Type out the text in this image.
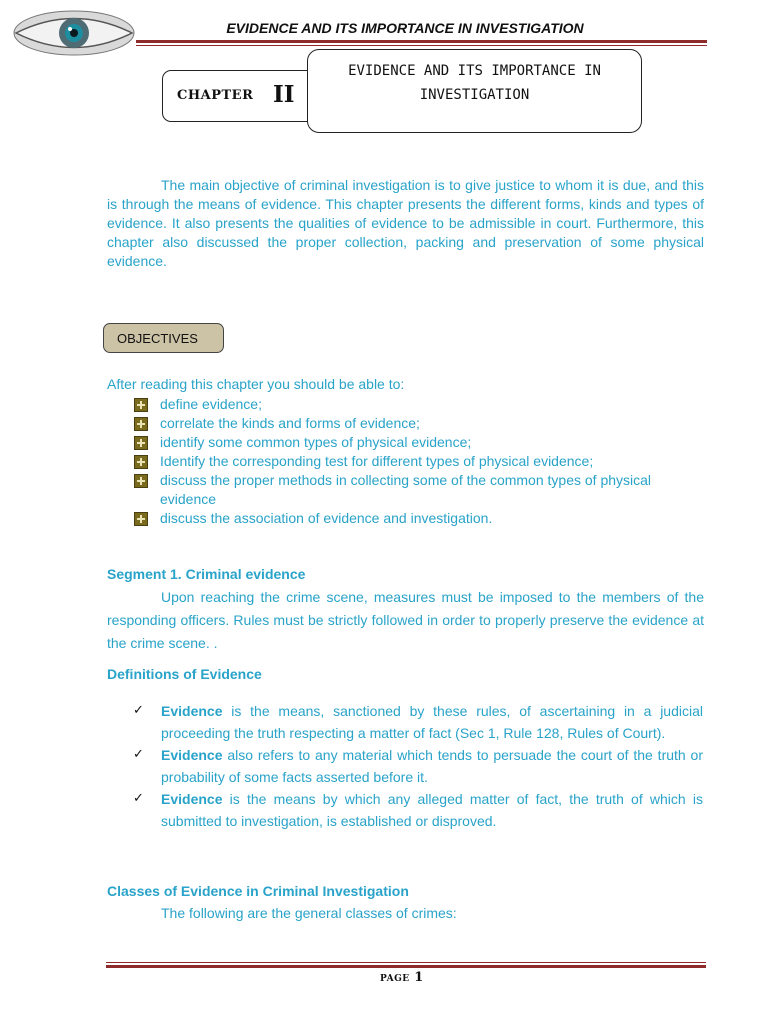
EVIDENCE AND ITS IMPORTANCE IN INVESTIGATION
CHAPTER II
EVIDENCE AND ITS IMPORTANCE IN
INVESTIGATION
The main objective of criminal investigation is to give justice to whom it is due, and this is through the means of evidence. This chapter presents the different forms, kinds and types of evidence. It also presents the qualities of evidence to be admissible in court. Furthermore, this chapter also discussed the proper collection, packing and preservation of some physical evidence.
OBJECTIVES
After reading this chapter you should be able to:
define evidence;
correlate the kinds and forms of evidence;
identify some common types of physical evidence;
Identify the corresponding test for different types of physical evidence;
discuss the proper methods in collecting some of the common types of physical evidence
discuss the association of evidence and investigation.
Segment 1. Criminal evidence
Upon reaching the crime scene, measures must be imposed to the members of the responding officers. Rules must be strictly followed in order to properly preserve the evidence at the crime scene. .
Definitions of Evidence
✓ Evidence is the means, sanctioned by these rules, of ascertaining in a judicial proceeding the truth respecting a matter of fact (Sec 1, Rule 128, Rules of Court).
✓ Evidence also refers to any material which tends to persuade the court of the truth or probability of some facts asserted before it.
✓ Evidence is the means by which any alleged matter of fact, the truth of which is submitted to investigation, is established or disproved.
Classes of Evidence in Criminal Investigation
The following are the general classes of crimes:
PAGE 1
